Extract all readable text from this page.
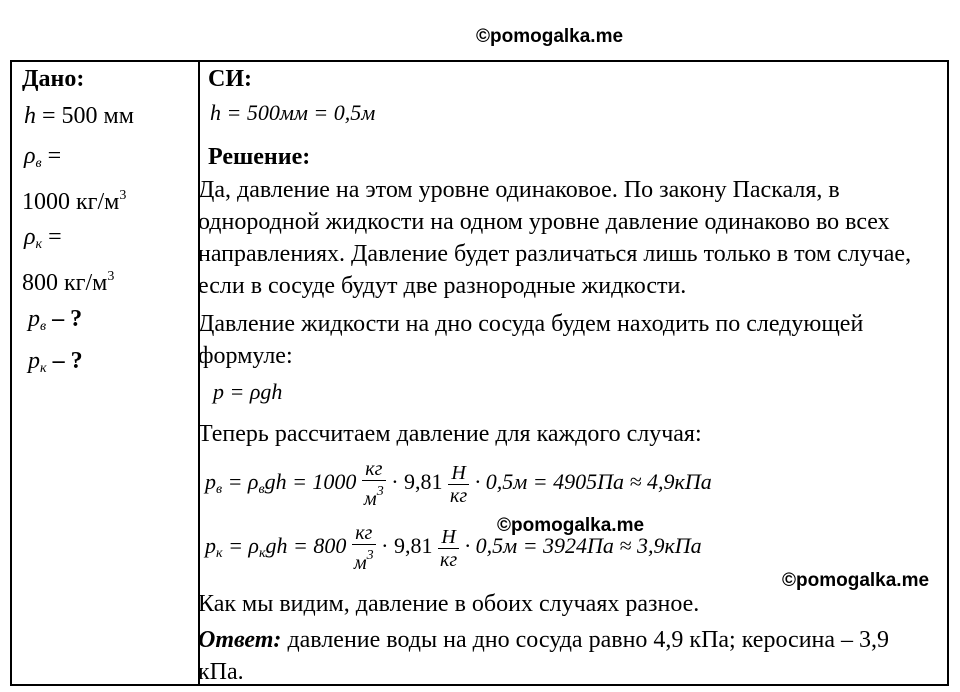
©pomogalka.me
Дано:
h = 500 мм
$\rho_в$ =
1000 $кг/м^3$
$\rho_к$ =
800 $кг/м^3$
$p_в$ – ?
$p_к$ – ?
СИ:
h = 500мм = 0,5м
Решение:
Да, давление на этом уровне одинаковое. По закону Паскаля, в однородной жидкости на одном уровне давление одинаково во всех направлениях. Давление будет различаться лишь только в том случае, если в сосуде будут две разнородные жидкости.
Давление жидкости на дно сосуда будем находить по следующей формуле:
p = ρgh
Теперь рассчитаем давление для каждого случая:
$p_в = \rho_вgh = 1000 \frac{кг}{м^3} \cdot 9,81 \frac{Н}{кг} \cdot 0,5м = 4905Па \approx 4,9кПа$
©pomogalka.me
$p_к = \rho_кgh = 800 \frac{кг}{м^3} \cdot 9,81 \frac{Н}{кг} \cdot 0,5м = 3924Па \approx 3,9кПа$
©pomogalka.me
Как мы видим, давление в обоих случаях разное.
Ответ: давление воды на дно сосуда равно 4,9 кПа; керосина – 3,9 кПа.
